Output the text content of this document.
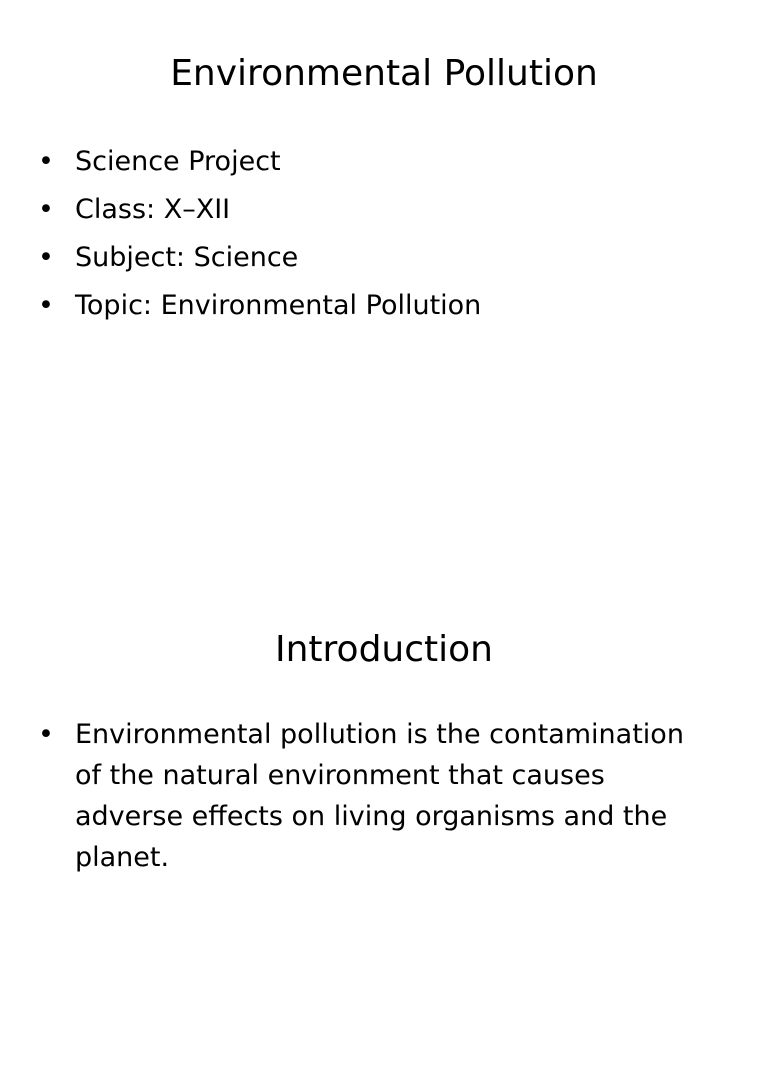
Environmental Pollution
• Science Project
• Class: X–XII
• Subject: Science
• Topic: Environmental Pollution
Introduction
• Environmental pollution is the contamination of the natural environment that causes adverse effects on living organisms and the planet.
